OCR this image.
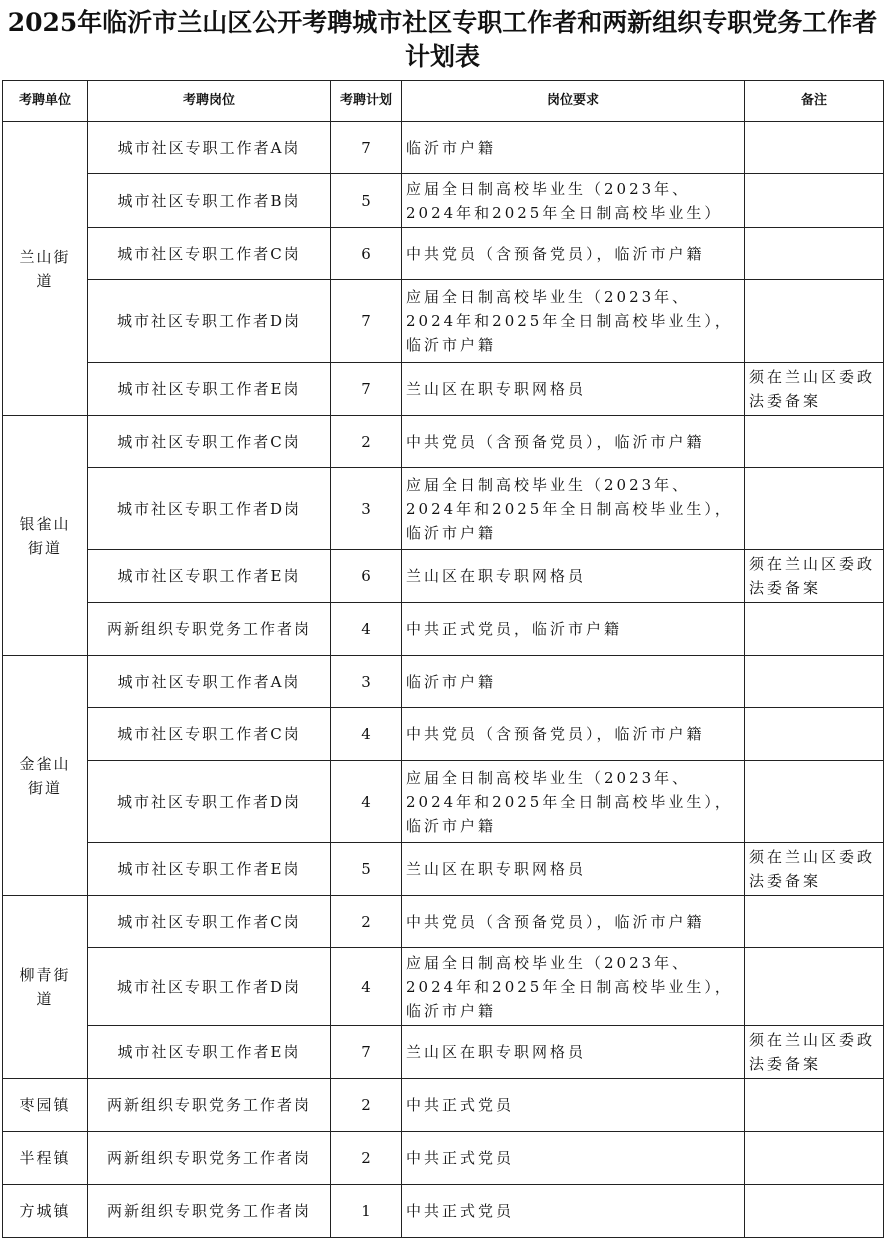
2025年临沂市兰山区公开考聘城市社区专职工作者和两新组织专职党务工作者计划表
考聘单位	考聘岗位	考聘计划	岗位要求	备注
兰山街道	城市社区专职工作者A岗	7	临沂市户籍	
	城市社区专职工作者B岗	5	应届全日制高校毕业生（2023年、2024年和2025年全日制高校毕业生）	
	城市社区专职工作者C岗	6	中共党员（含预备党员），临沂市户籍	
	城市社区专职工作者D岗	7	应届全日制高校毕业生（2023年、2024年和2025年全日制高校毕业生），临沂市户籍	
	城市社区专职工作者E岗	7	兰山区在职专职网格员	须在兰山区委政法委备案
银雀山街道	城市社区专职工作者C岗	2	中共党员（含预备党员），临沂市户籍	
	城市社区专职工作者D岗	3	应届全日制高校毕业生（2023年、2024年和2025年全日制高校毕业生），临沂市户籍	
	城市社区专职工作者E岗	6	兰山区在职专职网格员	须在兰山区委政法委备案
	两新组织专职党务工作者岗	4	中共正式党员，临沂市户籍	
金雀山街道	城市社区专职工作者A岗	3	临沂市户籍	
	城市社区专职工作者C岗	4	中共党员（含预备党员），临沂市户籍	
	城市社区专职工作者D岗	4	应届全日制高校毕业生（2023年、2024年和2025年全日制高校毕业生），临沂市户籍	
	城市社区专职工作者E岗	5	兰山区在职专职网格员	须在兰山区委政法委备案
柳青街道	城市社区专职工作者C岗	2	中共党员（含预备党员），临沂市户籍	
	城市社区专职工作者D岗	4	应届全日制高校毕业生（2023年、2024年和2025年全日制高校毕业生），临沂市户籍	
	城市社区专职工作者E岗	7	兰山区在职专职网格员	须在兰山区委政法委备案
枣园镇	两新组织专职党务工作者岗	2	中共正式党员	
半程镇	两新组织专职党务工作者岗	2	中共正式党员	
方城镇	两新组织专职党务工作者岗	1	中共正式党员	
